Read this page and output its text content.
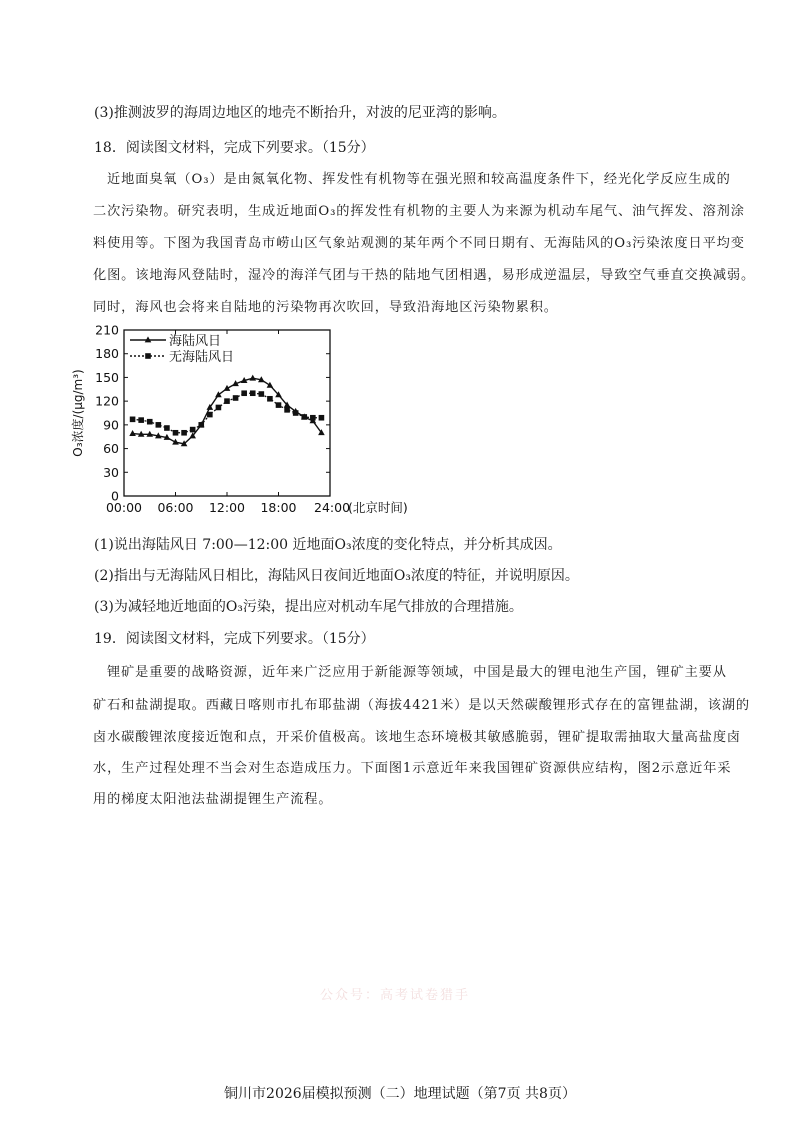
(3)推测波罗的海周边地区的地壳不断抬升，对波的尼亚湾的影响。
18．阅读图文材料，完成下列要求。（15分）
近地面臭氧（O₃）是由氮氧化物、挥发性有机物等在强光照和较高温度条件下，经光化学反应生成的
二次污染物。研究表明，生成近地面O₃的挥发性有机物的主要人为来源为机动车尾气、油气挥发、溶剂涂
料使用等。下图为我国青岛市崂山区气象站观测的某年两个不同日期有、无海陆风的O₃污染浓度日平均变
化图。该地海风登陆时，湿冷的海洋气团与干热的陆地气团相遇，易形成逆温层，导致空气垂直交换减弱。
同时，海风也会将来自陆地的污染物再次吹回，导致沿海地区污染物累积。
0
30
60
90
120
150
180
210
00:00 06:00 12:00 18:00 24:00
(北京时间)
O₃浓度/(μg/m³)
海陆风日
无海陆风日
(1)说出海陆风日 7:00—12:00 近地面O₃浓度的变化特点，并分析其成因。
(2)指出与无海陆风日相比，海陆风日夜间近地面O₃浓度的特征，并说明原因。
(3)为减轻地近地面的O₃污染，提出应对机动车尾气排放的合理措施。
19．阅读图文材料，完成下列要求。（15分）
锂矿是重要的战略资源，近年来广泛应用于新能源等领域，中国是最大的锂电池生产国，锂矿主要从
矿石和盐湖提取。西藏日喀则市扎布耶盐湖（海拔4421米）是以天然碳酸锂形式存在的富锂盐湖，该湖的
卤水碳酸锂浓度接近饱和点，开采价值极高。该地生态环境极其敏感脆弱，锂矿提取需抽取大量高盐度卤
水，生产过程处理不当会对生态造成压力。下面图1示意近年来我国锂矿资源供应结构，图2示意近年采
用的梯度太阳池法盐湖提锂生产流程。
公众号：高考试卷猎手
铜川市2026届模拟预测（二）地理试题（第7页 共8页）
